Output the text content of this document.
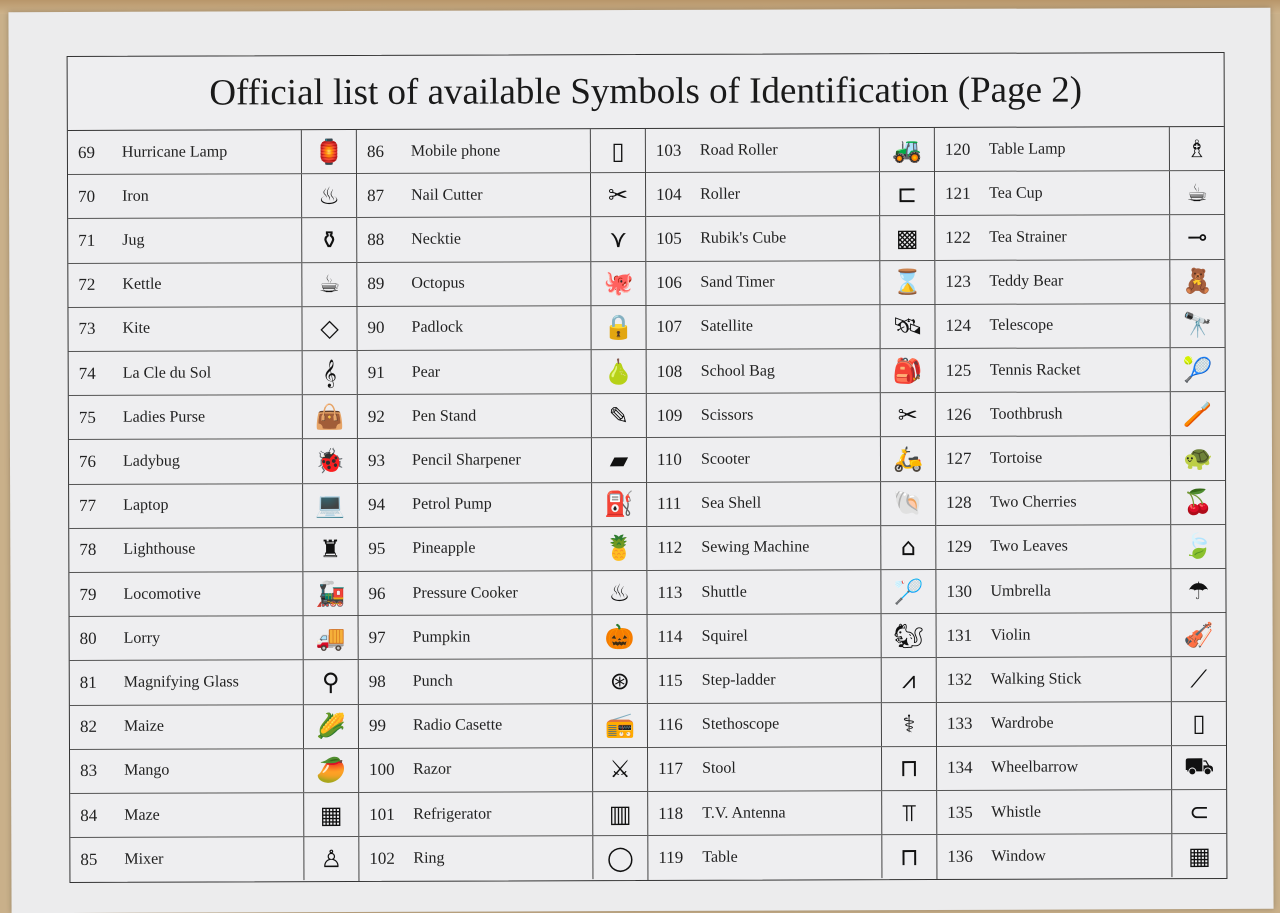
Official list of available Symbols of Identification (Page 2)
69	Hurricane Lamp	🏮
70	Iron	♨
71	Jug	⚱
72	Kettle	☕
73	Kite	◇
74	La Cle du Sol	𝄞
75	Ladies Purse	👜
76	Ladybug	🐞
77	Laptop	💻
78	Lighthouse	♜
79	Locomotive	🚂
80	Lorry	🚚
81	Magnifying Glass	⚲
82	Maize	🌽
83	Mango	🥭
84	Maze	▦
85	Mixer	♙
86	Mobile phone	▯
87	Nail Cutter	✂
88	Necktie	⋎
89	Octopus	🐙
90	Padlock	🔒
91	Pear	🍐
92	Pen Stand	✎
93	Pencil Sharpener	▰
94	Petrol Pump	⛽
95	Pineapple	🍍
96	Pressure Cooker	♨
97	Pumpkin	🎃
98	Punch	⊛
99	Radio Casette	📻
100	Razor	⚔
101	Refrigerator	▥
102	Ring	◯
103	Road Roller	🚜
104	Roller	⊏
105	Rubik's Cube	▩
106	Sand Timer	⌛
107	Satellite	🛰
108	School Bag	🎒
109	Scissors	✂
110	Scooter	🛵
111	Sea Shell	🐚
112	Sewing Machine	⌂
113	Shuttle	🏸
114	Squirel	🐿
115	Step-ladder	⩘
116	Stethoscope	⚕
117	Stool	⊓
118	T.V. Antenna	⫪
119	Table	⊓
120	Table Lamp	♗
121	Tea Cup	☕
122	Tea Strainer	⊸
123	Teddy Bear	🧸
124	Telescope	🔭
125	Tennis Racket	🎾
126	Toothbrush	🪥
127	Tortoise	🐢
128	Two Cherries	🍒
129	Two Leaves	🍃
130	Umbrella	☂
131	Violin	🎻
132	Walking Stick	⟋
133	Wardrobe	▯
134	Wheelbarrow	⛟
135	Whistle	⊂
136	Window	▦
